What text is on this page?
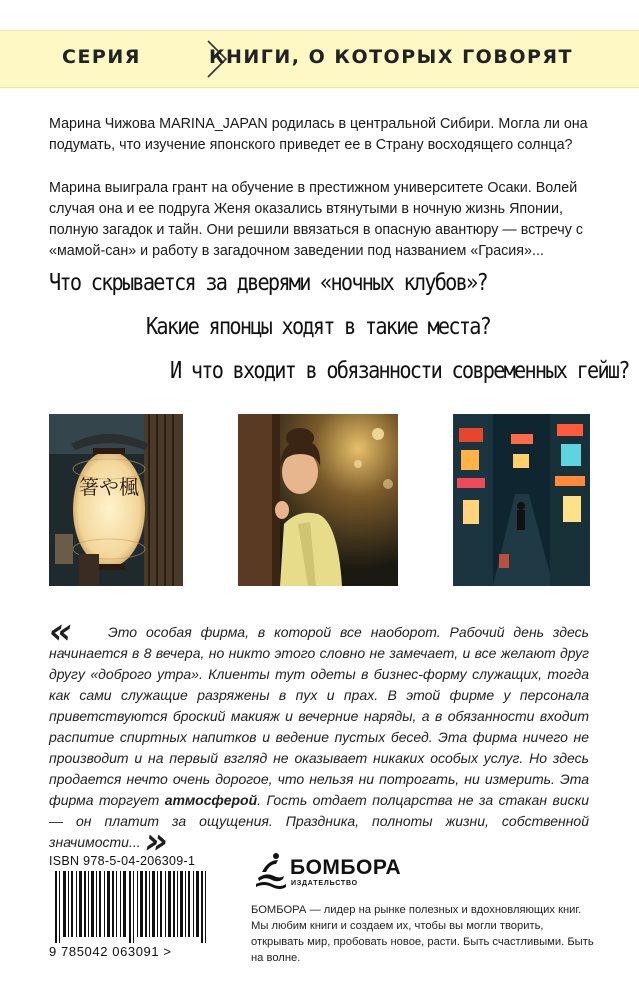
СЕРИЯ	КНИГИ, О КОТОРЫХ ГОВОРЯТ

Марина Чижова MARINA_JAPAN родилась в центральной Сибири. Могла ли она подумать, что изучение японского приведет ее в Страну восходящего солнца?

Марина выиграла грант на обучение в престижном университете Осаки. Волей случая она и ее подруга Женя оказались втянутыми в ночную жизнь Японии, полную загадок и тайн. Они решили ввязаться в опасную авантюру — встречу с «мамой-сан» и работу в загадочном заведении под названием «Грасия»...

Что скрывается за дверями «ночных клубов»?
Какие японцы ходят в такие места?
И что входит в обязанности современных гейш?
箸や楓

«	Это особая фирма, в которой все наоборот. Рабочий день здесь начинается в 8 вечера, но никто этого словно не замечает, и все желают друг другу «доброго утра». Клиенты тут одеты в бизнес-форму служащих, тогда как сами служащие разряжены в пух и прах. В этой фирме у персонала приветствуются броский макияж и вечерние наряды, а в обязанности входит распитие спиртных напитков и ведение пустых бесед. Эта фирма ничего не производит и на первый взгляд не оказывает никаких особых услуг. Но здесь продается нечто очень дорогое, что нельзя ни потрогать, ни измерить. Эта фирма торгует атмосферой. Гость отдает полцарства не за стакан виски — он платит за ощущения. Праздника, полноты жизни, собственной значимости... »

ISBN 978-5-04-206309-1
9 785042 063091 >
БОМБОРА
ИЗДАТЕЛЬСТВО

БОМБОРА — лидер на рынке полезных и вдохновляющих книг. Мы любим книги и создаем их, чтобы вы могли творить, открывать мир, пробовать новое, расти. Быть счастливыми. Быть на волне.
